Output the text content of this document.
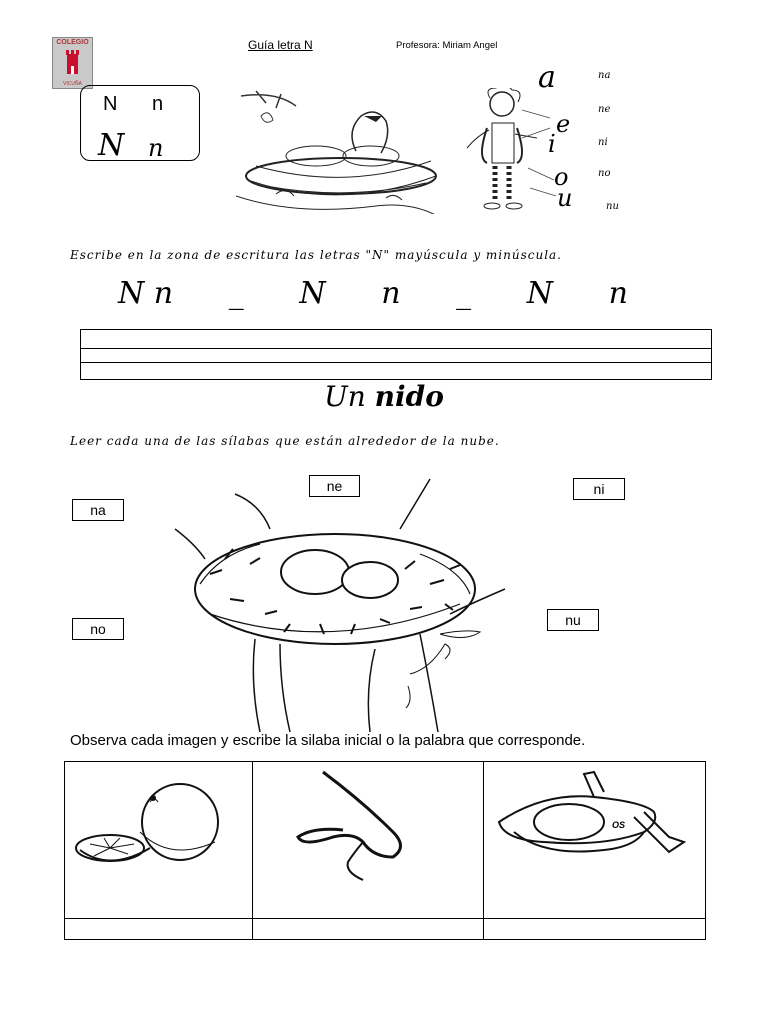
COLEGIO
VICUÑA
Guía letra N	Profesora: Miriam Angel
N n
N n
a
e
i
o
u
na
ne
ni
no
nu
Escribe en la zona de escritura las letras "N" mayúscula y minúscula.
N n _ N n _ N n
Un nido
Leer cada una de las sílabas que están alrededor de la nube.
na
ne	ni
no
nu
Observa cada imagen y escribe la silaba inicial o la palabra que corresponde.

OS
